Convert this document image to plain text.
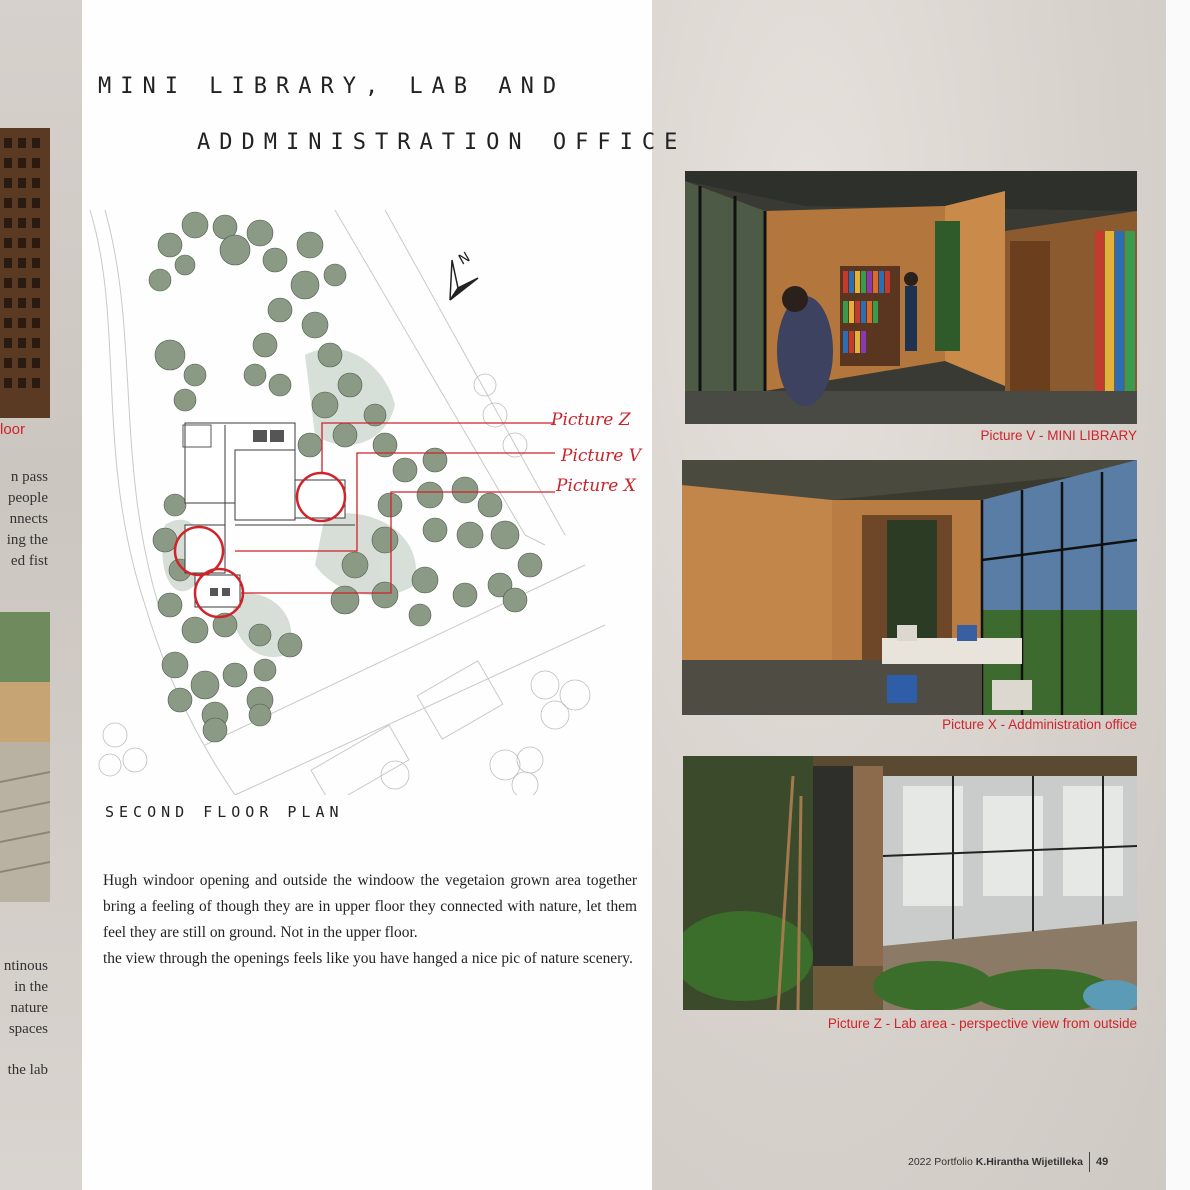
loor
n pass
people
nnects
ing the
ed fist
ntinous
in the
nature
spaces
the lab
MINI LIBRARY, LAB AND
ADDMINISTRATION OFFICE
N
Picture Z
Picture V
Picture X
SECOND FLOOR PLAN

Hugh windoor opening and outside the windoow the vegetaion grown area together bring a feeling of though they are in upper floor they connected with nature, let them feel they are still on ground. Not in the upper floor.

the view through the openings feels like you have hanged a nice pic of nature scenery.

Picture V - MINI LIBRARY
Picture X - Addministration office
Picture Z - Lab area - perspective view from outside
2022 Portfolio K.Hirantha Wijetilleka 49
